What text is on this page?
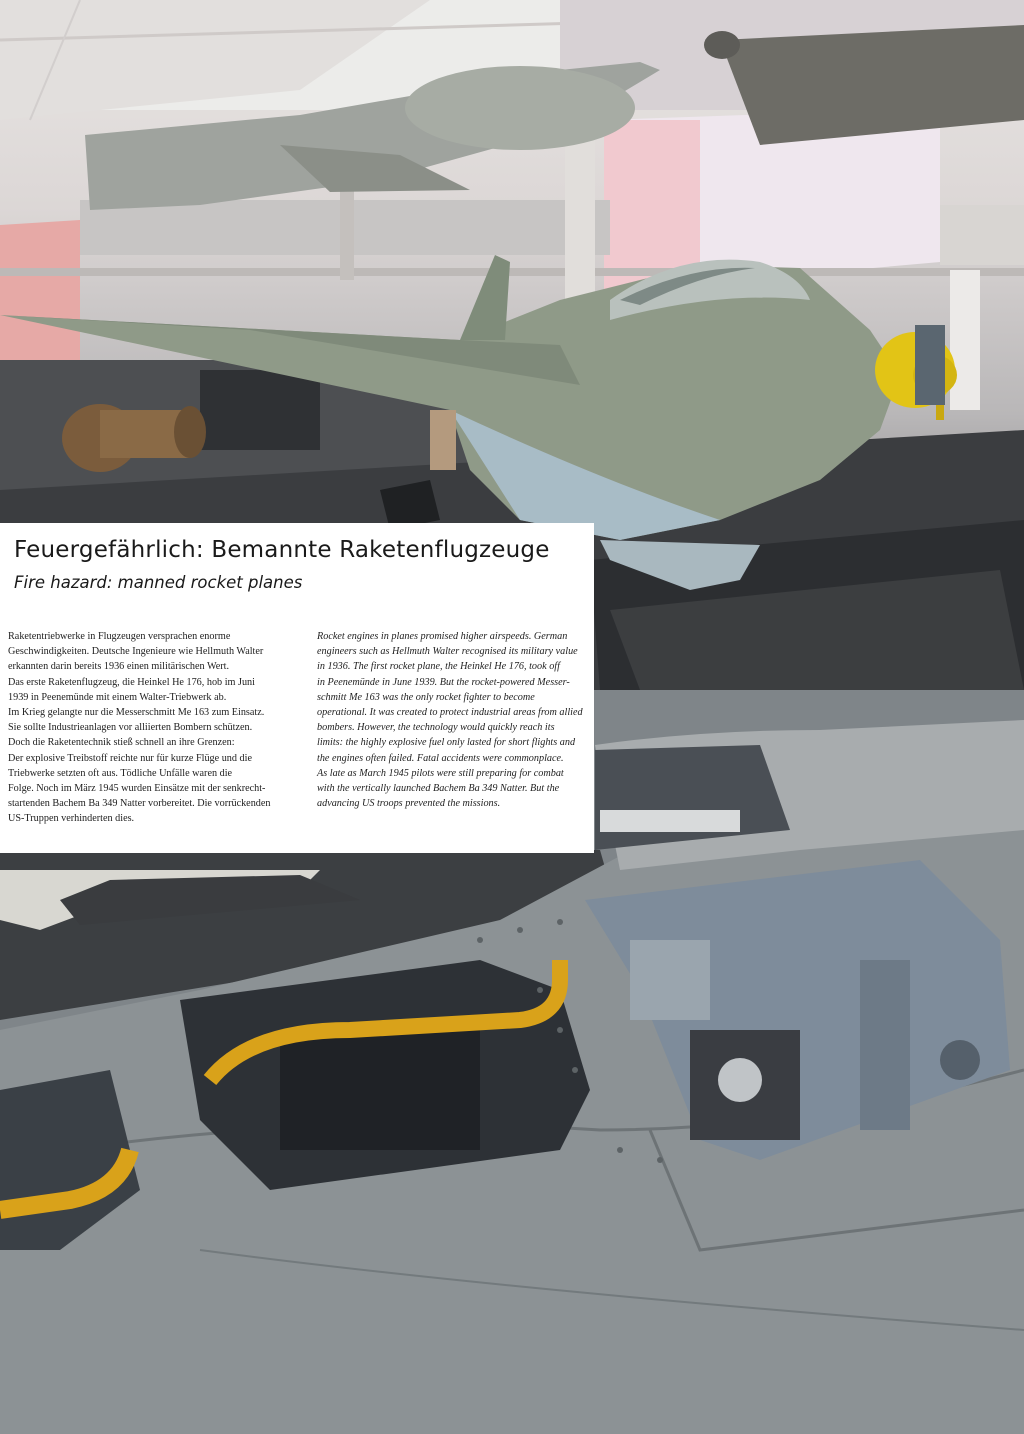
Feuergefährlich: Bemannte Raketenflugzeuge
Fire hazard: manned rocket planes
Raketentriebwerke in Flugzeugen versprachen enorme
Geschwindigkeiten. Deutsche Ingenieure wie Hellmuth Walter
erkannten darin bereits 1936 einen militärischen Wert.
Das erste Raketenflugzeug, die Heinkel He 176, hob im Juni
1939 in Peenemünde mit einem Walter-Triebwerk ab.
Im Krieg gelangte nur die Messerschmitt Me 163 zum Einsatz.
Sie sollte Industrieanlagen vor alliierten Bombern schützen.
Doch die Raketentechnik stieß schnell an ihre Grenzen:
Der explosive Treibstoff reichte nur für kurze Flüge und die
Triebwerke setzten oft aus. Tödliche Unfälle waren die
Folge. Noch im März 1945 wurden Einsätze mit der senkrecht-
startenden Bachem Ba 349 Natter vorbereitet. Die vorrückenden
US-Truppen verhinderten dies.
Rocket engines in planes promised higher airspeeds. German
engineers such as Hellmuth Walter recognised its military value
in 1936. The first rocket plane, the Heinkel He 176, took off
in Peenemünde in June 1939. But the rocket-powered Messer-
schmitt Me 163 was the only rocket fighter to become
operational. It was created to protect industrial areas from allied
bombers. However, the technology would quickly reach its
limits: the highly explosive fuel only lasted for short flights and
the engines often failed. Fatal accidents were commonplace.
As late as March 1945 pilots were still preparing for combat
with the vertically launched Bachem Ba 349 Natter. But the
advancing US troops prevented the missions.
